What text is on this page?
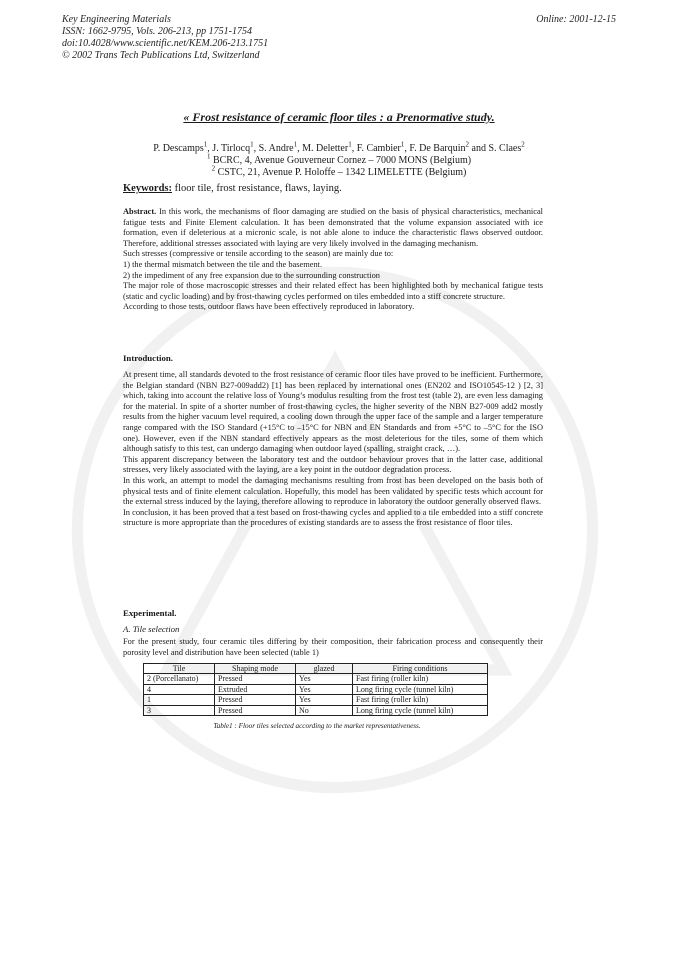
Key Engineering Materials
ISSN: 1662-9795, Vols. 206-213, pp 1751-1754
doi:10.4028/www.scientific.net/KEM.206-213.1751
© 2002 Trans Tech Publications Ltd, Switzerland
Online: 2001-12-15
« Frost resistance of ceramic floor tiles : a Prenormative study.
P. Descamps$^1$, J. Tirlocq$^1$, S. Andre$^1$, M. Deletter$^1$, F. Cambier$^1$, F. De Barquin$^2$ and S. Claes$^2$
$^1$ BCRC, 4, Avenue Gouverneur Cornez – 7000 MONS (Belgium)
$^2$ CSTC, 21, Avenue P. Holoffe – 1342 LIMELETTE (Belgium)
Keywords: floor tile, frost resistance, flaws, laying.

Abstract. In this work, the mechanisms of floor damaging are studied on the basis of physical characteristics, mechanical fatigue tests and Finite Element calculation. It has been demonstrated that the volume expansion associated with ice formation, even if deleterious at a micronic scale, is not able alone to induce the characteristic flaws observed outdoor. Therefore, additional stresses associated with laying are very likely involved in the damaging mechanism.

Such stresses (compressive or tensile according to the season) are mainly due to:

1) the thermal mismatch between the tile and the basement.

2) the impediment of any free expansion due to the surrounding construction

The major role of those macroscopic stresses and their related effect has been highlighted both by mechanical fatigue tests (static and cyclic loading) and by frost-thawing cycles performed on tiles embedded into a stiff concrete structure.

According to those tests, outdoor flaws have been effectively reproduced in laboratory.

Introduction.

At present time, all standards devoted to the frost resistance of ceramic floor tiles have proved to be inefficient. Furthermore, the Belgian standard (NBN B27-009add2) [1] has been replaced by international ones (EN202 and ISO10545-12 ) [2, 3] which, taking into account the relative loss of Young’s modulus resulting from the frost test (table 2), are even less damaging for the material. In spite of a shorter number of frost-thawing cycles, the higher severity of the NBN B27-009 add2 mostly results from the higher vacuum level required, a cooling down through the upper face of the sample and a larger temperature range compared with the ISO Standard (+15°C to –15°C for NBN and EN Standards and from +5°C to –5°C for the ISO one). However, even if the NBN standard effectively appears as the most deleterious for the tiles, some of them which although satisfy to this test, can undergo damaging when outdoor layed (spalling, straight crack, …).

This apparent discrepancy between the laboratory test and the outdoor behaviour proves that in the latter case, additional stresses, very likely associated with the laying, are a key point in the outdoor degradation process.

In this work, an attempt to model the damaging mechanisms resulting from frost has been developed on the basis both of physical tests and of finite element calculation. Hopefully, this model has been validated by specific tests which account for the external stress induced by the laying, therefore allowing to reproduce in laboratory the outdoor generally observed flaws.

In conclusion, it has been proved that a test based on frost-thawing cycles and applied to a tile embedded into a stiff concrete structure is more appropriate than the procedures of existing standards are to assess the frost resistance of floor tiles.

Experimental.
A. Tile selection
For the present study, four ceramic tiles differing by their composition, their fabrication process and consequently their porosity level and distribution have been selected (table 1)
Tile	Shaping mode	glazed	Firing conditions
2 (Porcellanato)	Pressed	Yes	Fast firing (roller kiln)
4	Extruded	Yes	Long firing cycle (tunnel kiln)
1	Pressed	Yes	Fast firing (roller kiln)
3	Pressed	No	Long firing cycle (tunnel kiln)
Table1 : Floor tiles selected according to the market representativeness.
